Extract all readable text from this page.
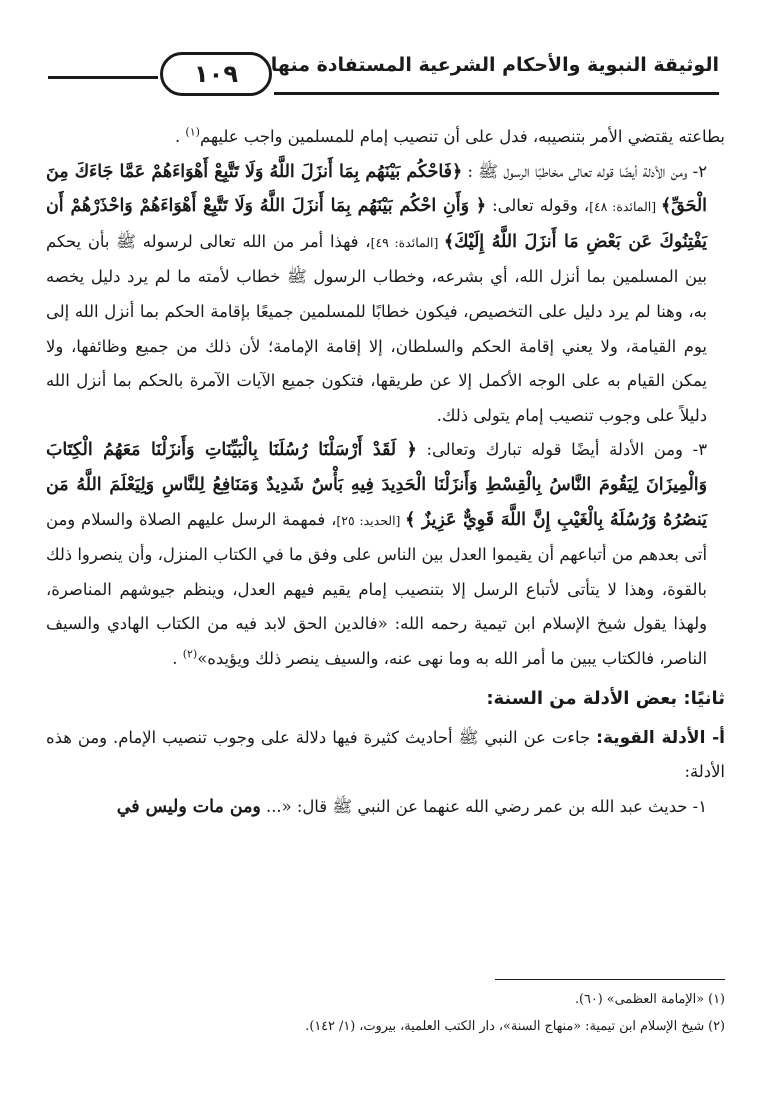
١٠٩	الوثيقة النبوية والأحكام الشرعية المستفادة منها

بطاعته يقتضي الأمر بتنصيبه، فدل على أن تنصيب إمام للمسلمين واجب عليهم$^{(١)}$ .

٢- ومن الأدلة أيضًا قوله تعالى مخاطبًا الرسول ﷺ : ﴿فَاحْكُم بَيْنَهُم بِمَا أَنزَلَ اللَّهُ وَلَا تَتَّبِعْ أَهْوَاءَهُمْ عَمَّا جَاءَكَ مِنَ الْحَقِّ﴾ [المائدة: ٤٨]، وقوله تعالى: ﴿ وَأَنِ احْكُم بَيْنَهُم بِمَا أَنزَلَ اللَّهُ وَلَا تَتَّبِعْ أَهْوَاءَهُمْ وَاحْذَرْهُمْ أَن يَفْتِنُوكَ عَن بَعْضِ مَا أَنزَلَ اللَّهُ إِلَيْكَ﴾ [المائدة: ٤٩]، فهذا أمر من الله تعالى لرسوله ﷺ بأن يحكم بين المسلمين بما أنزل الله، أي بشرعه، وخطاب الرسول ﷺ خطاب لأمته ما لم يرد دليل يخصه به، وهنا لم يرد دليل على التخصيص، فيكون خطابًا للمسلمين جميعًا بإقامة الحكم بما أنزل الله إلى يوم القيامة، ولا يعني إقامة الحكم والسلطان، إلا إقامة الإمامة؛ لأن ذلك من جميع وظائفها، ولا يمكن القيام به على الوجه الأكمل إلا عن طريقها، فتكون جميع الآيات الآمرة بالحكم بما أنزل الله دليلاً على وجوب تنصيب إمام يتولى ذلك.

٣- ومن الأدلة أيضًا قوله تبارك وتعالى: ﴿ لَقَدْ أَرْسَلْنَا رُسُلَنَا بِالْبَيِّنَاتِ وَأَنزَلْنَا مَعَهُمُ الْكِتَابَ وَالْمِيزَانَ لِيَقُومَ النَّاسُ بِالْقِسْطِ وَأَنزَلْنَا الْحَدِيدَ فِيهِ بَأْسٌ شَدِيدٌ وَمَنَافِعُ لِلنَّاسِ وَلِيَعْلَمَ اللَّهُ مَن يَنصُرُهُ وَرُسُلَهُ بِالْغَيْبِ إِنَّ اللَّهَ قَوِيٌّ عَزِيزٌ ﴾ [الحديد: ٢٥]، فمهمة الرسل عليهم الصلاة والسلام ومن أتى بعدهم من أتباعهم أن يقيموا العدل بين الناس على وفق ما في الكتاب المنزل، وأن ينصروا ذلك بالقوة، وهذا لا يتأتى لأتباع الرسل إلا بتنصيب إمام يقيم فيهم العدل، وينظم جيوشهم المناصرة، ولهذا يقول شيخ الإسلام ابن تيمية رحمه الله: «فالدين الحق لابد فيه من الكتاب الهادي والسيف الناصر، فالكتاب يبين ما أمر الله به وما نهى عنه، والسيف ينصر ذلك ويؤيده»$^{(٢)}$ .

ثانيًا: بعض الأدلة من السنة:

أ- الأدلة القوية: جاءت عن النبي ﷺ أحاديث كثيرة فيها دلالة على وجوب تنصيب الإمام. ومن هذه الأدلة:

١- حديث عبد الله بن عمر رضي الله عنهما عن النبي ﷺ قال: «... ومن مات وليس في

(١) «الإمامة العظمى» (٦٠).

(٢) شيخ الإسلام ابن تيمية: «منهاج السنة»، دار الكتب العلمية، بيروت، (١/ ١٤٢).
